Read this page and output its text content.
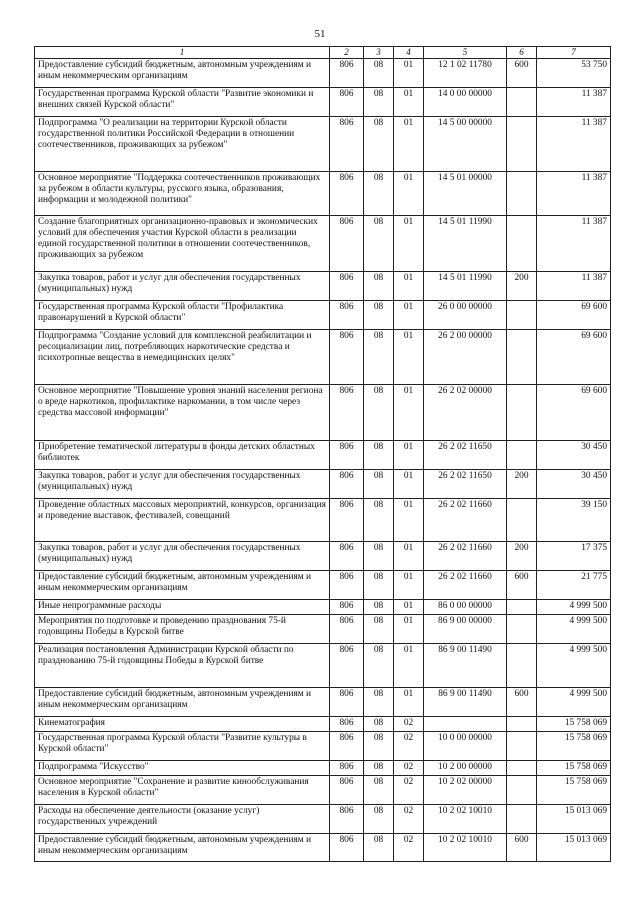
51
1	2	3	4	5	6	7
Предоставление субсидий бюджетным, автономным учреждениям и иным некоммерческим организациям	806	08	01	12 1 02 11780	600	53 750
Государственная программа Курской области "Развитие экономики и внешних связей Курской области"	806	08	01	14 0 00 00000		11 387
Подпрограмма "О реализации на территории Курской области государственной политики Российской Федерации в отношении соотечественников, проживающих за рубежом"	806	08	01	14 5 00 00000		11 387
Основное мероприятие "Поддержка соотечественников проживающих за рубежом в области культуры, русского языка, образования, информации и молодежной политики"	806	08	01	14 5 01 00000		11 387
Создание благоприятных организационно-правовых и экономических условий для обеспечения участия Курской области в реализации единой государственной политики в отношении соотечественников, проживающих за рубежом	806	08	01	14 5 01 11990		11 387
Закупка товаров, работ и услуг для обеспечения государственных (муниципальных) нужд	806	08	01	14 5 01 11990	200	11 387
Государственная программа Курской области "Профилактика правонарушений в Курской области"	806	08	01	26 0 00 00000		69 600
Подпрограмма "Создание условий для комплексной реабилитации и ресоциализации лиц, потребляющих наркотические средства и психотропные вещества в немедицинских целях"	806	08	01	26 2 00 00000		69 600
Основное мероприятие "Повышение уровня знаний населения региона о вреде наркотиков, профилактике наркомании, в том числе через средства массовой информации"	806	08	01	26 2 02 00000		69 600
Приобретение тематической литературы в фонды детских областных библиотек	806	08	01	26 2 02 11650		30 450
Закупка товаров, работ и услуг для обеспечения государственных (муниципальных) нужд	806	08	01	26 2 02 11650	200	30 450
Проведение областных массовых мероприятий, конкурсов, организация и проведение выставок, фестивалей, совещаний	806	08	01	26 2 02 11660		39 150
Закупка товаров, работ и услуг для обеспечения государственных (муниципальных) нужд	806	08	01	26 2 02 11660	200	17 375
Предоставление субсидий бюджетным, автономным учреждениям и иным некоммерческим организациям	806	08	01	26 2 02 11660	600	21 775
Иные непрограммные расходы	806	08	01	86 0 00 00000		4 999 500
Мероприятия по подготовке и проведению празднования 75-й годовщины Победы в Курской битве	806	08	01	86 9 00 00000		4 999 500
Реализация постановления Администрации Курской области по празднованию 75-й годовщины Победы в Курской битве	806	08	01	86 9 00 11490		4 999 500
Предоставление субсидий бюджетным, автономным учреждениям и иным некоммерческим организациям	806	08	01	86 9 00 11490	600	4 999 500
Кинематография	806	08	02			15 758 069
Государственная программа Курской области "Развитие культуры в Курской области"	806	08	02	10 0 00 00000		15 758 069
Подпрограмма "Искусство"	806	08	02	10 2 00 00000		15 758 069
Основное мероприятие "Сохранение и развитие кинообслуживания населения в Курской области"	806	08	02	10 2 02 00000		15 758 069
Расходы на обеспечение деятельности (оказание услуг) государственных учреждений	806	08	02	10 2 02 10010		15 013 069
Предоставление субсидий бюджетным, автономным учреждениям и иным некоммерческим организациям	806	08	02	10 2 02 10010	600	15 013 069
